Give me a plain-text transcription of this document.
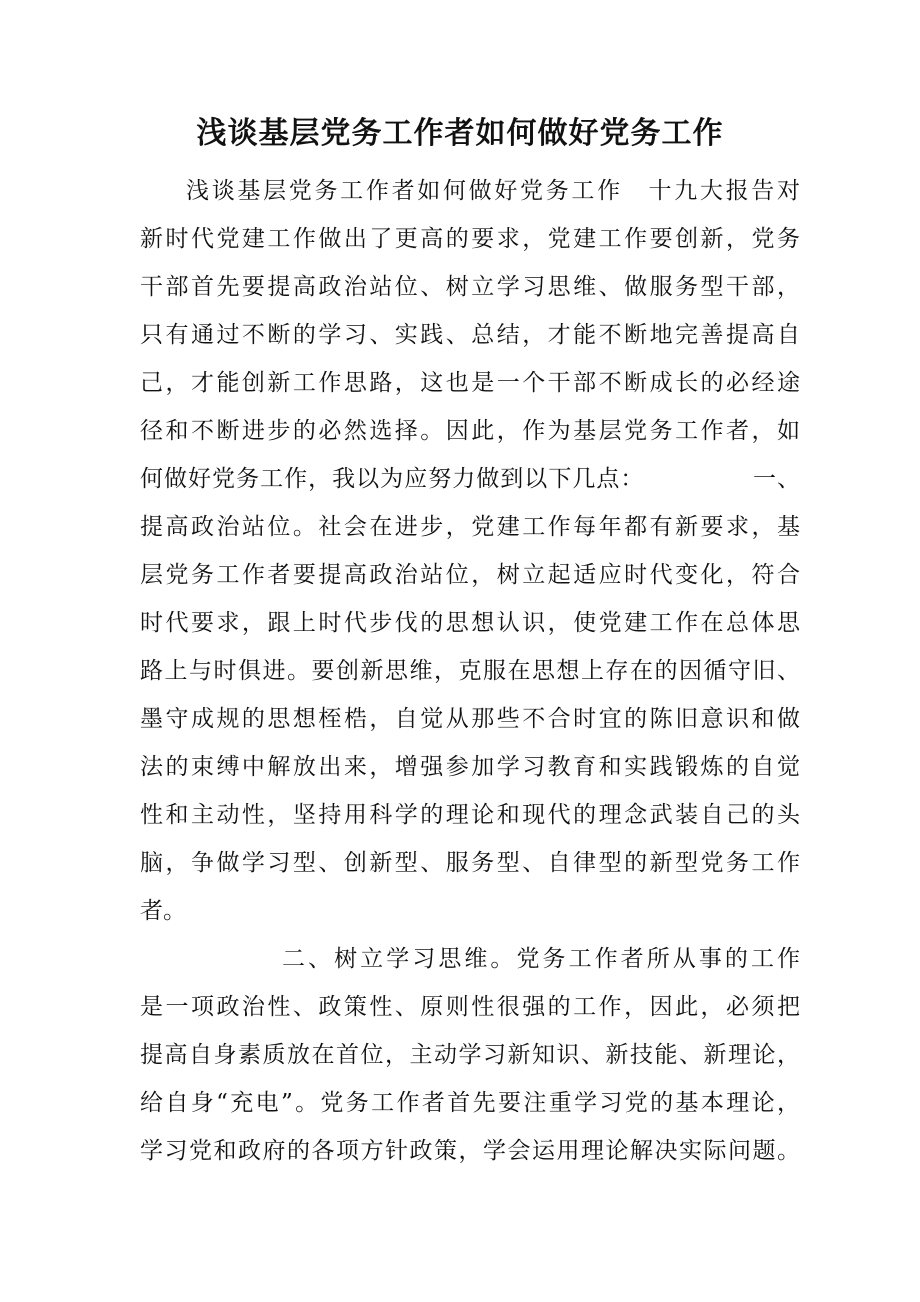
浅谈基层党务工作者如何做好党务工作
浅谈基层党务工作者如何做好党务工作　十九大报告对
新时代党建工作做出了更高的要求，党建工作要创新，党务
干部首先要提高政治站位、树立学习思维、做服务型干部，
只有通过不断的学习、实践、总结，才能不断地完善提高自
己，才能创新工作思路，这也是一个干部不断成长的必经途
径和不断进步的必然选择。因此，作为基层党务工作者，如
何做好党务工作，我以为应努力做到以下几点：　　　　　一、
提高政治站位。社会在进步，党建工作每年都有新要求，基
层党务工作者要提高政治站位，树立起适应时代变化，符合
时代要求，跟上时代步伐的思想认识，使党建工作在总体思
路上与时俱进。要创新思维，克服在思想上存在的因循守旧、
墨守成规的思想桎梏，自觉从那些不合时宜的陈旧意识和做
法的束缚中解放出来，增强参加学习教育和实践锻炼的自觉
性和主动性，坚持用科学的理论和现代的理念武装自己的头
脑，争做学习型、创新型、服务型、自律型的新型党务工作
者。
二、树立学习思维。党务工作者所从事的工作
是一项政治性、政策性、原则性很强的工作，因此，必须把
提高自身素质放在首位，主动学习新知识、新技能、新理论，
给自身“充电”。党务工作者首先要注重学习党的基本理论，
学习党和政府的各项方针政策，学会运用理论解决实际问题。
